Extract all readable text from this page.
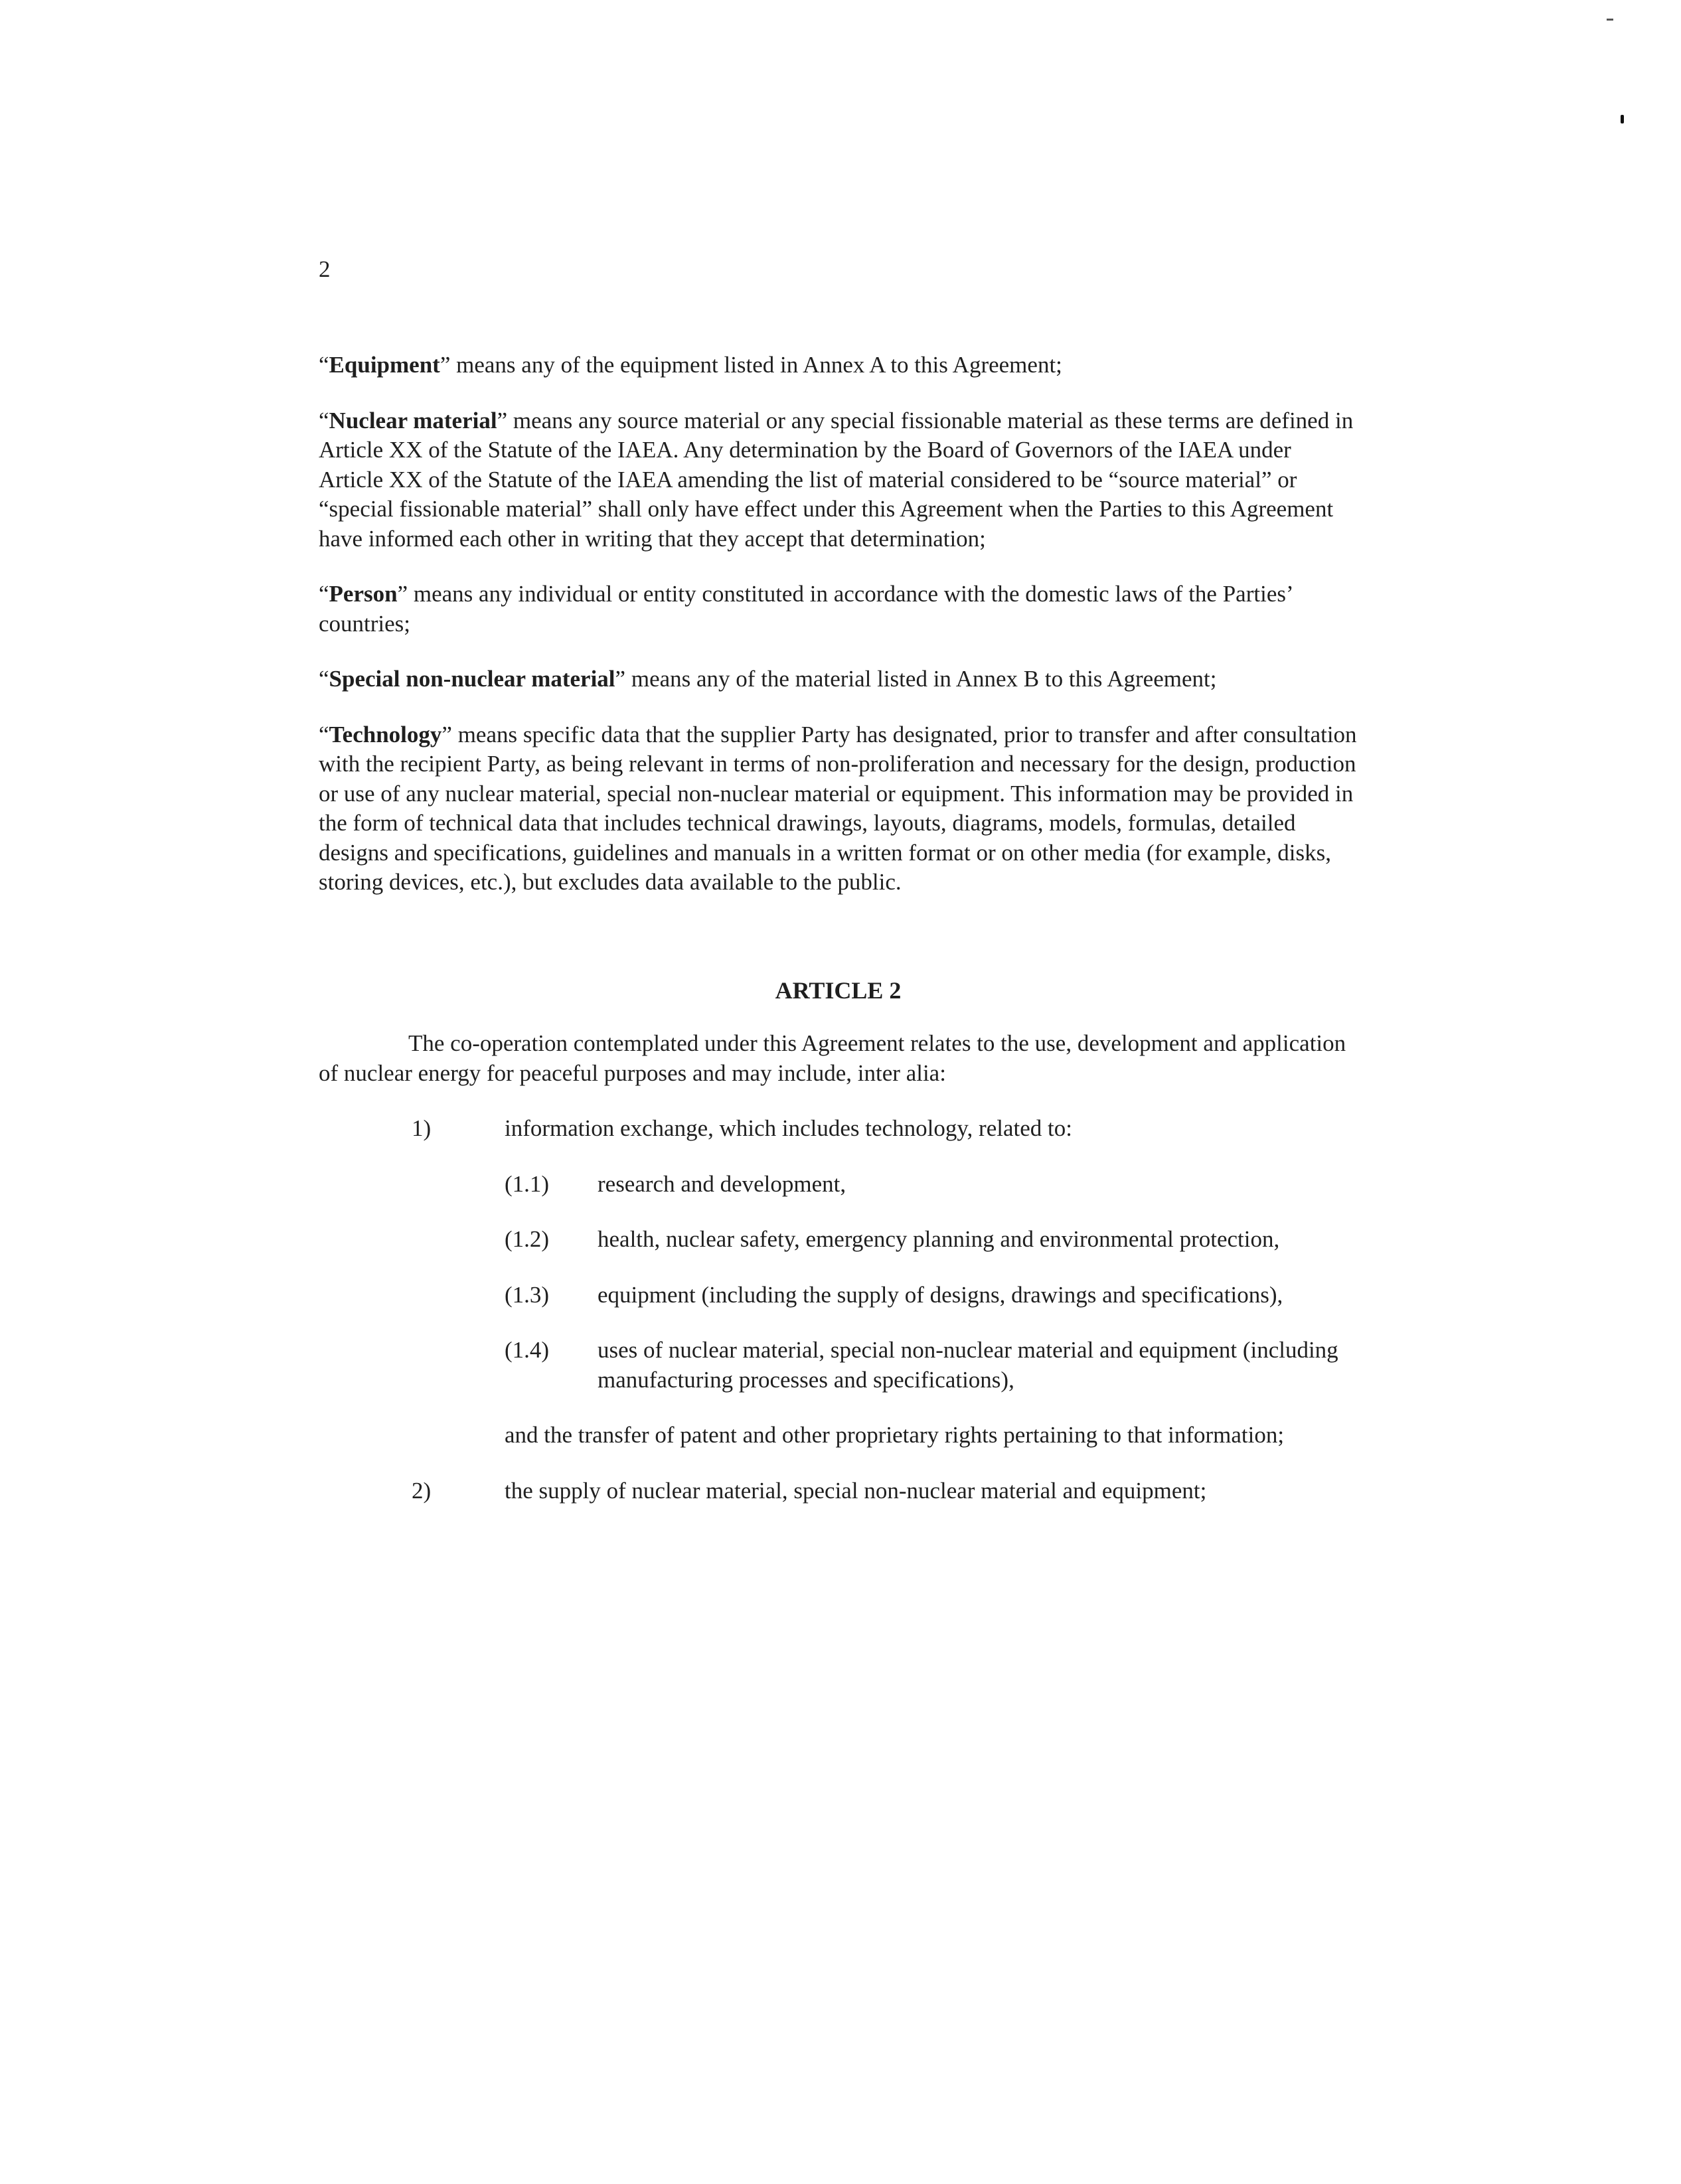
2

“Equipment” means any of the equipment listed in Annex A to this Agreement;

“Nuclear material” means any source material or any special fissionable material as these terms are defined in Article XX of the Statute of the IAEA. Any determination by the Board of Governors of the IAEA under Article XX of the Statute of the IAEA amending the list of material considered to be “source material” or “special fissionable material” shall only have effect under this Agreement when the Parties to this Agreement have informed each other in writing that they accept that determination;

“Person” means any individual or entity constituted in accordance with the domestic laws of the Parties’ countries;

“Special non-nuclear material” means any of the material listed in Annex B to this Agreement;

“Technology” means specific data that the supplier Party has designated, prior to transfer and after consultation with the recipient Party, as being relevant in terms of non-proliferation and necessary for the design, production or use of any nuclear material, special non-nuclear material or equipment. This information may be provided in the form of technical data that includes technical drawings, layouts, diagrams, models, formulas, detailed designs and specifications, guidelines and manuals in a written format or on other media (for example, disks, storing devices, etc.), but excludes data available to the public.

ARTICLE 2

The co-operation contemplated under this Agreement relates to the use, development and application of nuclear energy for peaceful purposes and may include, inter alia:

1)	information exchange, which includes technology, related to:
(1.1) research and development,
(1.2) health, nuclear safety, emergency planning and environmental protection,
(1.3) equipment (including the supply of designs, drawings and specifications),
(1.4) uses of nuclear material, special non-nuclear material and equipment (including manufacturing processes and specifications),

and the transfer of patent and other proprietary rights pertaining to that information;

2)	the supply of nuclear material, special non-nuclear material and equipment;
